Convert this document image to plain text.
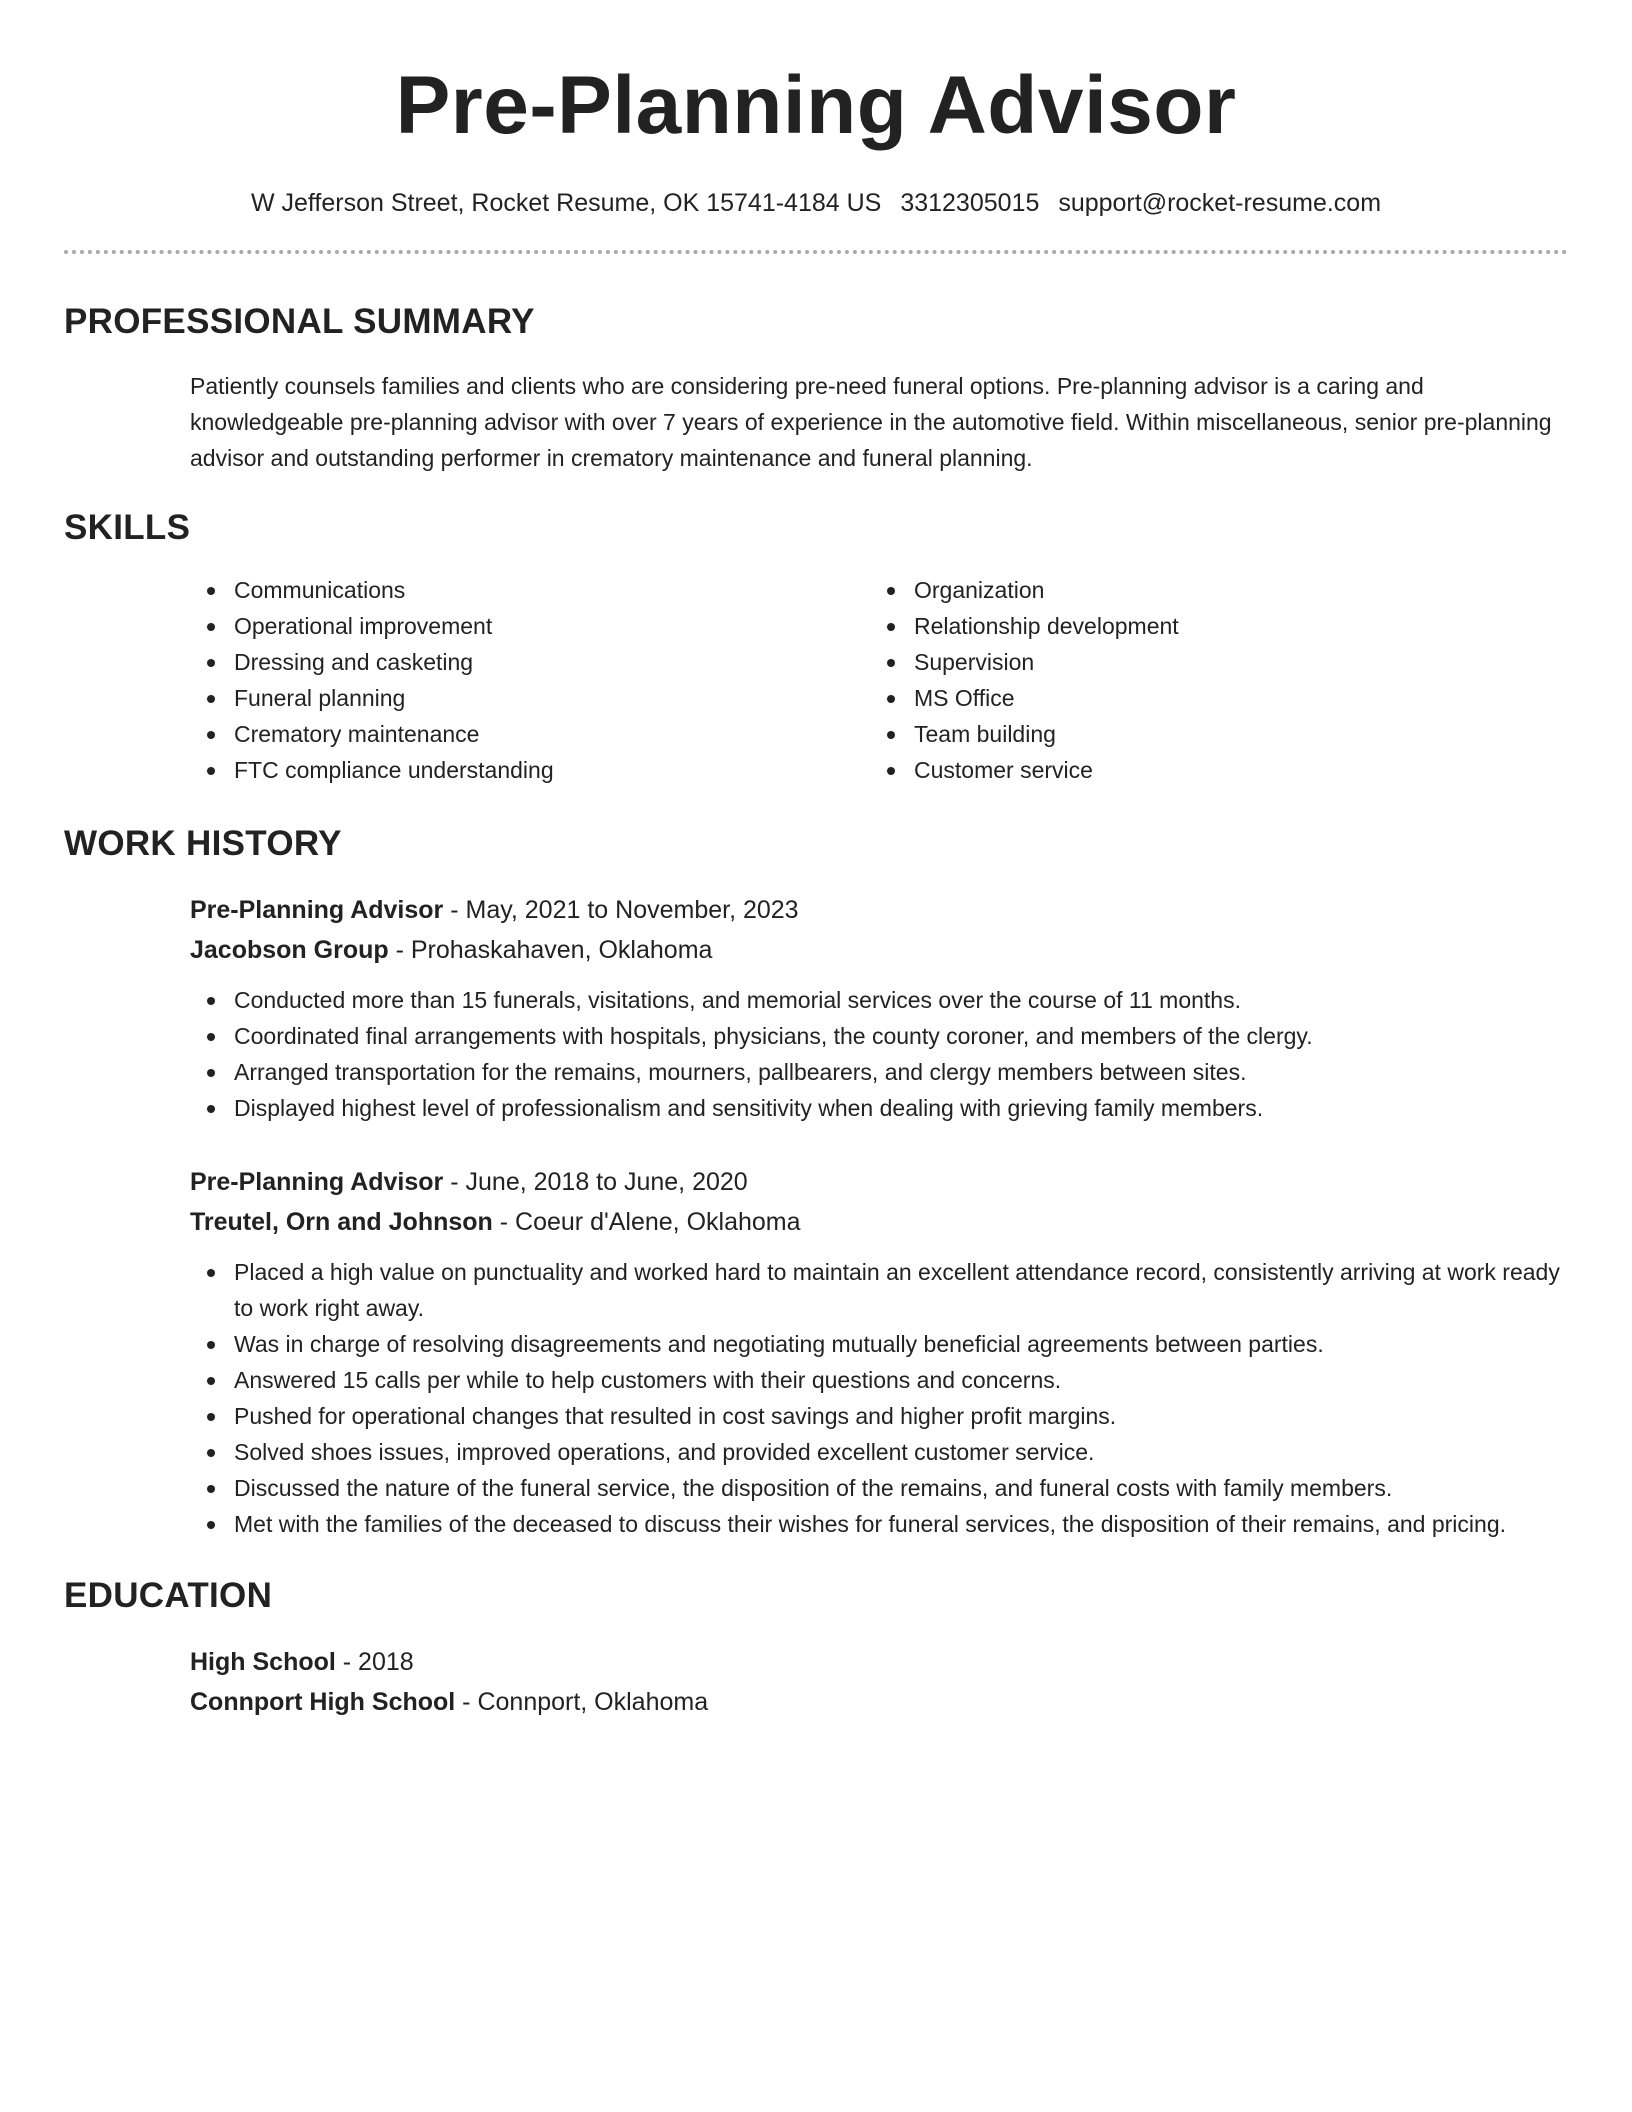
Pre-Planning Advisor
W Jefferson Street, Rocket Resume, OK 15741-4184 US 3312305015 support@rocket-resume.com
PROFESSIONAL SUMMARY

Patiently counsels families and clients who are considering pre-need funeral options. Pre-planning advisor is a caring and knowledgeable pre-planning advisor with over 7 years of experience in the automotive field. Within miscellaneous, senior pre-planning advisor and outstanding performer in crematory maintenance and funeral planning.

SKILLS
Communications
Operational improvement
Dressing and casketing
Funeral planning
Crematory maintenance
FTC compliance understanding
Organization
Relationship development
Supervision
MS Office
Team building
Customer service
WORK HISTORY
Pre-Planning Advisor - May, 2021 to November, 2023
Jacobson Group - Prohaskahaven, Oklahoma
Conducted more than 15 funerals, visitations, and memorial services over the course of 11 months.
Coordinated final arrangements with hospitals, physicians, the county coroner, and members of the clergy.
Arranged transportation for the remains, mourners, pallbearers, and clergy members between sites.
Displayed highest level of professionalism and sensitivity when dealing with grieving family members.
Pre-Planning Advisor - June, 2018 to June, 2020
Treutel, Orn and Johnson - Coeur d'Alene, Oklahoma
Placed a high value on punctuality and worked hard to maintain an excellent attendance record, consistently arriving at work ready to work right away.
Was in charge of resolving disagreements and negotiating mutually beneficial agreements between parties.
Answered 15 calls per while to help customers with their questions and concerns.
Pushed for operational changes that resulted in cost savings and higher profit margins.
Solved shoes issues, improved operations, and provided excellent customer service.
Discussed the nature of the funeral service, the disposition of the remains, and funeral costs with family members.
Met with the families of the deceased to discuss their wishes for funeral services, the disposition of their remains, and pricing.
EDUCATION
High School - 2018
Connport High School - Connport, Oklahoma
